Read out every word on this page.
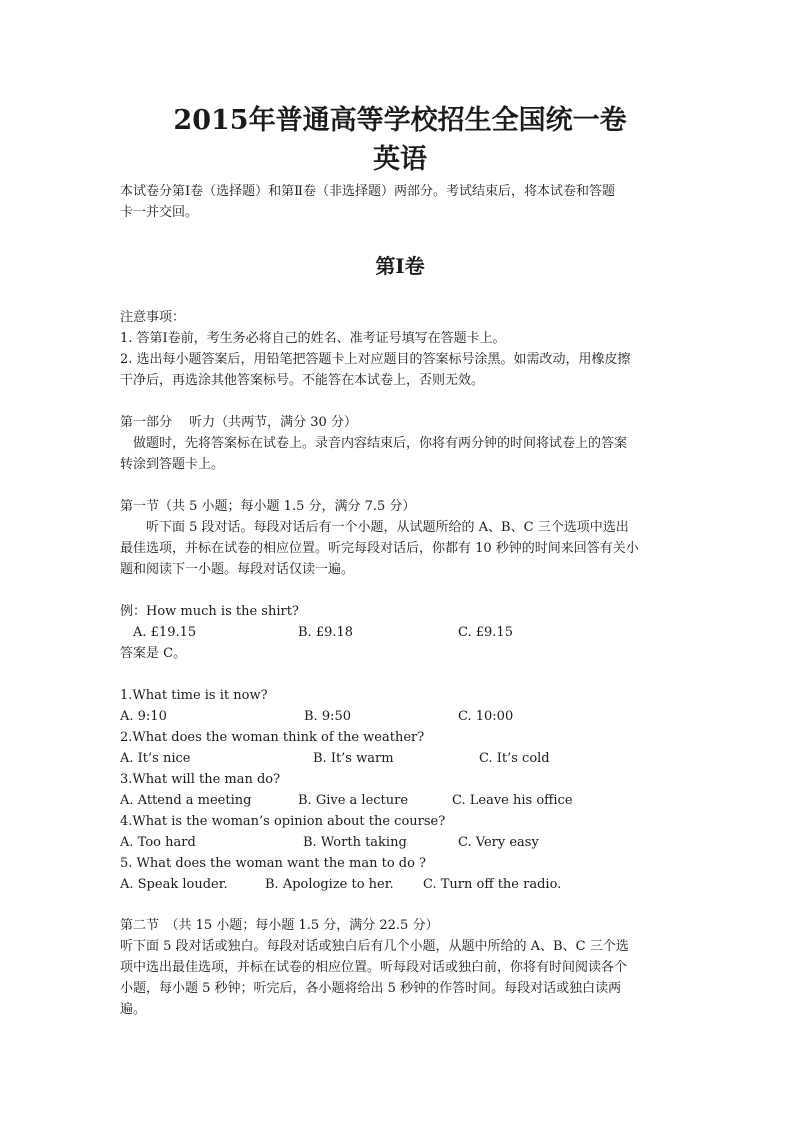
2015年普通高等学校招生全国统一卷
英语
本试卷分第Ⅰ卷（选择题）和第Ⅱ卷（非选择题）两部分。考试结束后，将本试卷和答题
卡一并交回。
第Ⅰ卷
注意事项：
1. 答第Ⅰ卷前，考生务必将自己的姓名、准考证号填写在答题卡上。
2. 选出每小题答案后，用铅笔把答题卡上对应题目的答案标号涂黑。如需改动，用橡皮擦
干净后，再选涂其他答案标号。不能答在本试卷上，否则无效。
第一部分　 听力（共两节，满分 30 分）
做题时，先将答案标在试卷上。录音内容结束后，你将有两分钟的时间将试卷上的答案
转涂到答题卡上。
第一节（共 5 小题；每小题 1.5 分，满分 7.5 分）
听下面 5 段对话。每段对话后有一个小题，从试题所给的 A、B、C 三个选项中选出
最佳选项，并标在试卷的相应位置。听完每段对话后，你都有 10 秒钟的时间来回答有关小
题和阅读下一小题。每段对话仅读一遍。
例：How much is the shirt?
A. £19.15	B. £9.18	C. £9.15
答案是 C。
1.What time is it now?
A. 9:10	B. 9:50	C. 10:00
2.What does the woman think of the weather?
A. It’s nice	B. It’s warm	C. It’s cold
3.What will the man do?
A. Attend a meeting	B. Give a lecture	C. Leave his office
4.What is the woman’s opinion about the course?
A. Too hard	B. Worth taking	C. Very easy
5. What does the woman want the man to do ?
A. Speak louder.	B. Apologize to her. C. Turn off the radio.
第二节　（共 15 小题；每小题 1.5 分，满分 22.5 分）
听下面 5 段对话或独白。每段对话或独白后有几个小题，从题中所给的 A、B、C 三个选
项中选出最佳选项，并标在试卷的相应位置。听每段对话或独白前，你将有时间阅读各个
小题，每小题 5 秒钟；听完后，各小题将给出 5 秒钟的作答时间。每段对话或独白读两
遍。
